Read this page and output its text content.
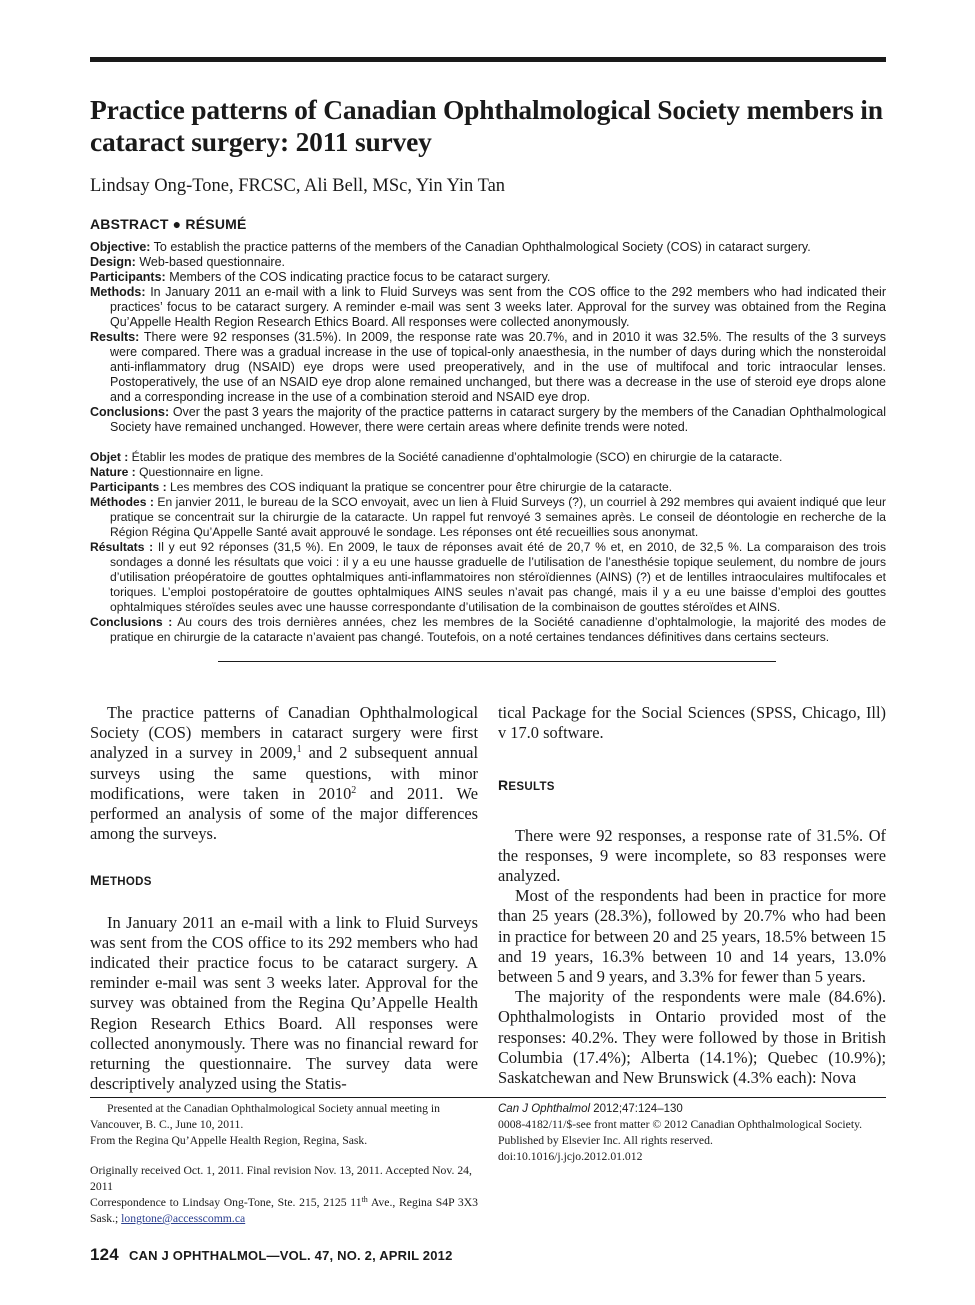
Practice patterns of Canadian Ophthalmological Society members in cataract surgery: 2011 survey
Lindsay Ong-Tone, FRCSC, Ali Bell, MSc, Yin Yin Tan
ABSTRACT ● RÉSUMÉ

Objective: To establish the practice patterns of the members of the Canadian Ophthalmological Society (COS) in cataract surgery.

Design: Web-based questionnaire.

Participants: Members of the COS indicating practice focus to be cataract surgery.

Methods: In January 2011 an e-mail with a link to Fluid Surveys was sent from the COS office to the 292 members who had indicated their practices’ focus to be cataract surgery. A reminder e-mail was sent 3 weeks later. Approval for the survey was obtained from the Regina Qu’Appelle Health Region Research Ethics Board. All responses were collected anonymously.

Results: There were 92 responses (31.5%). In 2009, the response rate was 20.7%, and in 2010 it was 32.5%. The results of the 3 surveys were compared. There was a gradual increase in the use of topical-only anaesthesia, in the number of days during which the nonsteroidal anti-inflammatory drug (NSAID) eye drops were used preoperatively, and in the use of multifocal and toric intraocular lenses. Postoperatively, the use of an NSAID eye drop alone remained unchanged, but there was a decrease in the use of steroid eye drops alone and a corresponding increase in the use of a combination steroid and NSAID eye drop.

Conclusions: Over the past 3 years the majority of the practice patterns in cataract surgery by the members of the Canadian Ophthalmological Society have remained unchanged. However, there were certain areas where definite trends were noted.

Objet : Établir les modes de pratique des membres de la Société canadienne d’ophtalmologie (SCO) en chirurgie de la cataracte.

Nature : Questionnaire en ligne.

Participants : Les membres des COS indiquant la pratique se concentrer pour être chirurgie de la cataracte.

Méthodes : En janvier 2011, le bureau de la SCO envoyait, avec un lien à Fluid Surveys (?), un courriel à 292 membres qui avaient indiqué que leur pratique se concentrait sur la chirurgie de la cataracte. Un rappel fut renvoyé 3 semaines après. Le conseil de déontologie en recherche de la Région Régina Qu’Appelle Santé avait approuvé le sondage. Les réponses ont été recueillies sous anonymat.

Résultats : Il y eut 92 réponses (31,5 %). En 2009, le taux de réponses avait été de 20,7 % et, en 2010, de 32,5 %. La comparaison des trois sondages a donné les résultats que voici : il y a eu une hausse graduelle de l’utilisation de l’anesthésie topique seulement, du nombre de jours d’utilisation préopératoire de gouttes ophtalmiques anti-inflammatoires non stéroïdiennes (AINS) (?) et de lentilles intraoculaires multifocales et toriques. L’emploi postopératoire de gouttes ophtalmiques AINS seules n’avait pas changé, mais il y a eu une baisse d’emploi des gouttes ophtalmiques stéroïdes seules avec une hausse correspondante d’utilisation de la combinaison de gouttes stéroïdes et AINS.

Conclusions : Au cours des trois dernières années, chez les membres de la Société canadienne d’ophtalmologie, la majorité des modes de pratique en chirurgie de la cataracte n’avaient pas changé. Toutefois, on a noté certaines tendances définitives dans certains secteurs.

The practice patterns of Canadian Ophthalmological Society (COS) members in cataract surgery were first analyzed in a survey in 2009,$^1$ and 2 subsequent annual surveys using the same questions, with minor modifications, were taken in 2010$^2$ and 2011. We performed an analysis of some of the major differences among the surveys.

METHODS

In January 2011 an e-mail with a link to Fluid Surveys was sent from the COS office to its 292 members who had indicated their practice focus to be cataract surgery. A reminder e-mail was sent 3 weeks later. Approval for the survey was obtained from the Regina Qu’Appelle Health Region Research Ethics Board. All responses were collected anonymously. There was no financial reward for returning the questionnaire. The survey data were descriptively analyzed using the Statis-

tical Package for the Social Sciences (SPSS, Chicago, Ill) v 17.0 software.

RESULTS

There were 92 responses, a response rate of 31.5%. Of the responses, 9 were incomplete, so 83 responses were analyzed.

Most of the respondents had been in practice for more than 25 years (28.3%), followed by 20.7% who had been in practice for between 20 and 25 years, 18.5% between 15 and 19 years, 16.3% between 10 and 14 years, 13.0% between 5 and 9 years, and 3.3% for fewer than 5 years.

The majority of the respondents were male (84.6%). Ophthalmologists in Ontario provided most of the responses: 40.2%. They were followed by those in British Columbia (17.4%); Alberta (14.1%); Quebec (10.9%); Saskatchewan and New Brunswick (4.3% each): Nova

Presented at the Canadian Ophthalmological Society annual meeting in Vancouver, B. C., June 10, 2011.

From the Regina Qu’Appelle Health Region, Regina, Sask.

Originally received Oct. 1, 2011. Final revision Nov. 13, 2011. Accepted Nov. 24, 2011

Correspondence to Lindsay Ong-Tone, Ste. 215, 2125 11th Ave., Regina S4P 3X3 Sask.; longtone@accesscomm.ca

Can J Ophthalmol 2012;47:124–130

0008-4182/11/$-see front matter © 2012 Canadian Ophthalmological Society. Published by Elsevier Inc. All rights reserved.

doi:10.1016/j.jcjo.2012.01.012

124 CAN J OPHTHALMOL—VOL. 47, NO. 2, APRIL 2012
